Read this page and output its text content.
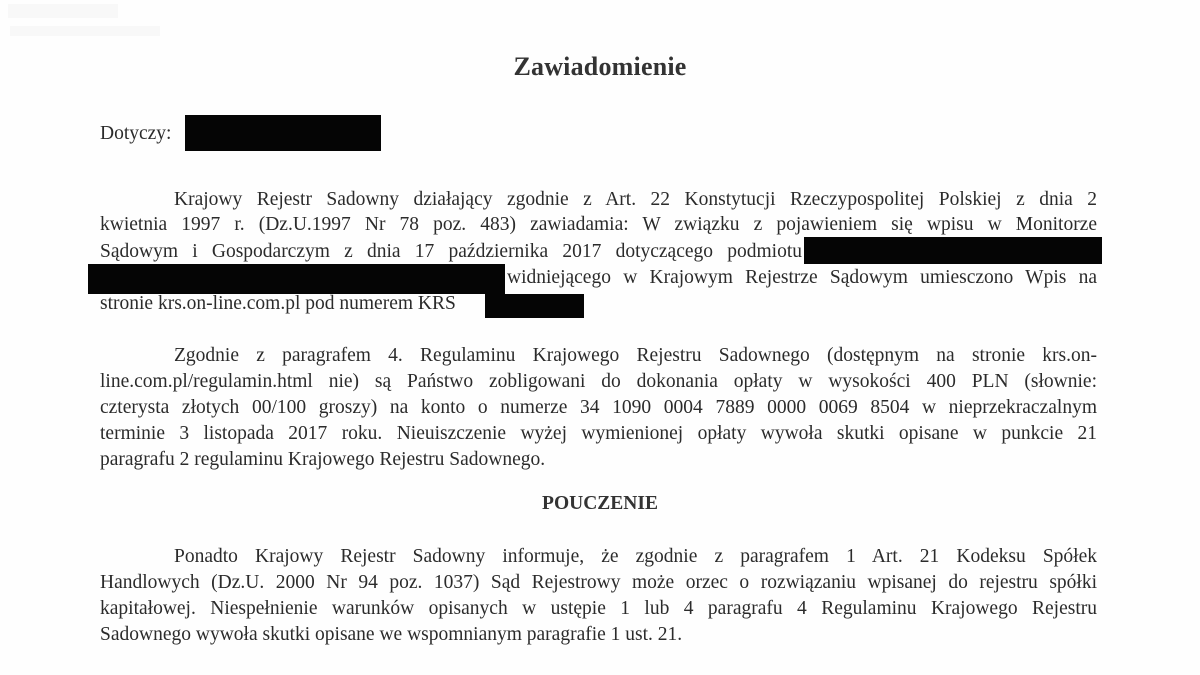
Zawiadomienie
Dotyczy:
Krajowy Rejestr Sadowny działający zgodnie z Art. 22 Konstytucji Rzeczypospolitej Polskiej z dnia 2
kwietnia 1997 r. (Dz.U.1997 Nr 78 poz. 483) zawiadamia: W związku z pojawieniem się wpisu w Monitorze
Sądowym i Gospodarczym z dnia 17 października 2017 dotyczącego podmiotu
widniejącego w Krajowym Rejestrze Sądowym umiesczono Wpis na
stronie krs.on-line.com.pl pod numerem KRS
Zgodnie z paragrafem 4. Regulaminu Krajowego Rejestru Sadownego (dostępnym na stronie krs.on-
line.com.pl/regulamin.html nie) są Państwo zobligowani do dokonania opłaty w wysokości 400 PLN (słownie:
czterysta złotych 00/100 groszy) na konto o numerze 34 1090 0004 7889 0000 0069 8504 w nieprzekraczalnym
terminie 3 listopada 2017 roku. Nieuiszczenie wyżej wymienionej opłaty wywoła skutki opisane w punkcie 21
paragrafu 2 regulaminu Krajowego Rejestru Sadownego.
POUCZENIE
Ponadto Krajowy Rejestr Sadowny informuje, że zgodnie z paragrafem 1 Art. 21 Kodeksu Spółek
Handlowych (Dz.U. 2000 Nr 94 poz. 1037) Sąd Rejestrowy może orzec o rozwiązaniu wpisanej do rejestru spółki
kapitałowej. Niespełnienie warunków opisanych w ustępie 1 lub 4 paragrafu 4 Regulaminu Krajowego Rejestru
Sadownego wywoła skutki opisane we wspomnianym paragrafie 1 ust. 21.
